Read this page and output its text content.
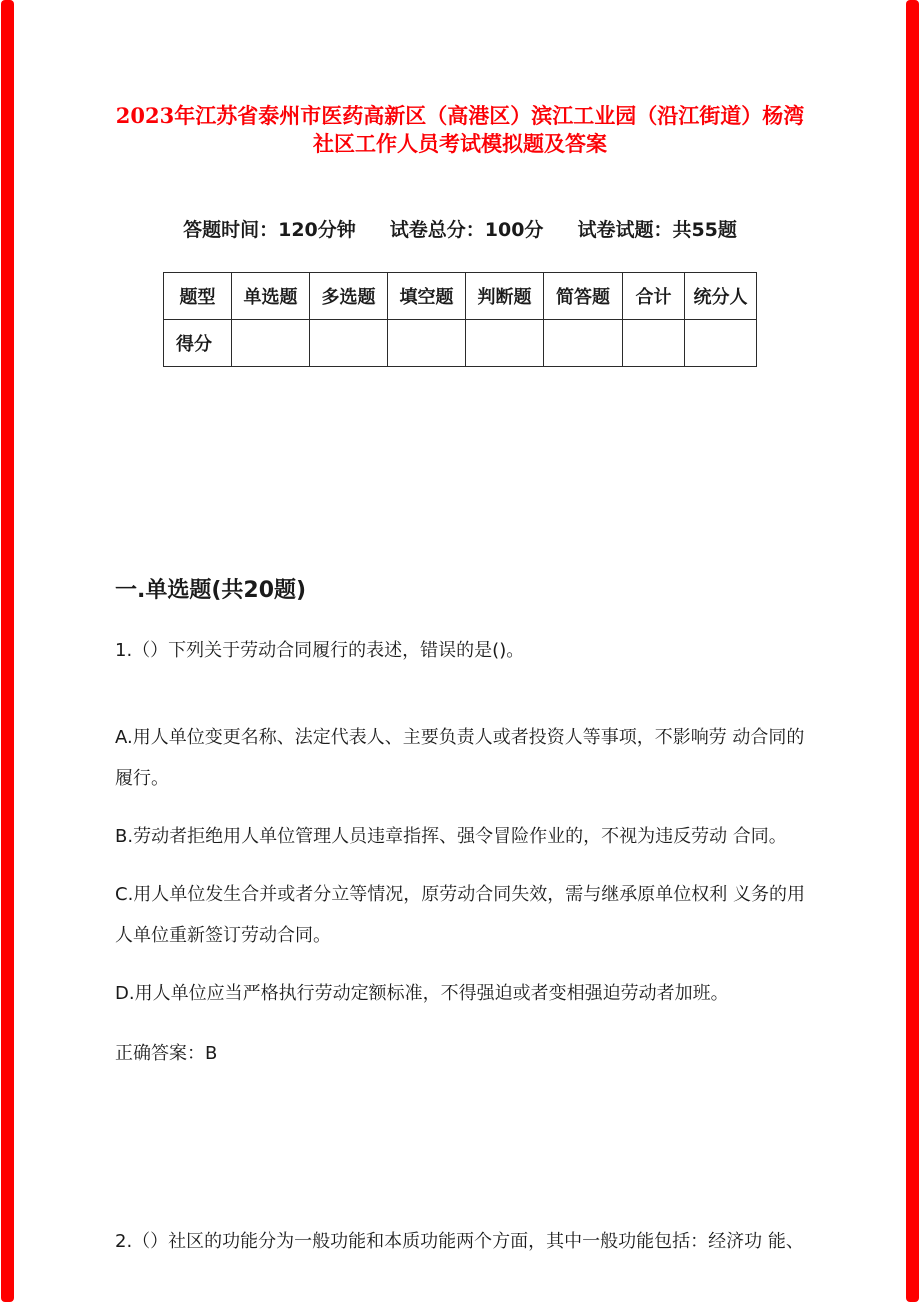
2023年江苏省泰州市医药高新区（高港区）滨江工业园（沿江街道）杨湾社区工作人员考试模拟题及答案
答题时间：120分钟 试卷总分：100分 试卷试题：共55题
题型	单选题	多选题	填空题	判断题	简答题	合计	统分人
得分							
一.单选题(共20题)

1.（）下列关于劳动合同履行的表述，错误的是()。

A.用人单位变更名称、法定代表人、主要负责人或者投资人等事项，不影响劳 动合同的履行。

B.劳动者拒绝用人单位管理人员违章指挥、强令冒险作业的，不视为违反劳动 合同。

C.用人单位发生合并或者分立等情况，原劳动合同失效，需与继承原单位权利 义务的用人单位重新签订劳动合同。

D.用人单位应当严格执行劳动定额标准，不得强迫或者变相强迫劳动者加班。

正确答案：B

2.（）社区的功能分为一般功能和本质功能两个方面，其中一般功能包括：经济功 能、
